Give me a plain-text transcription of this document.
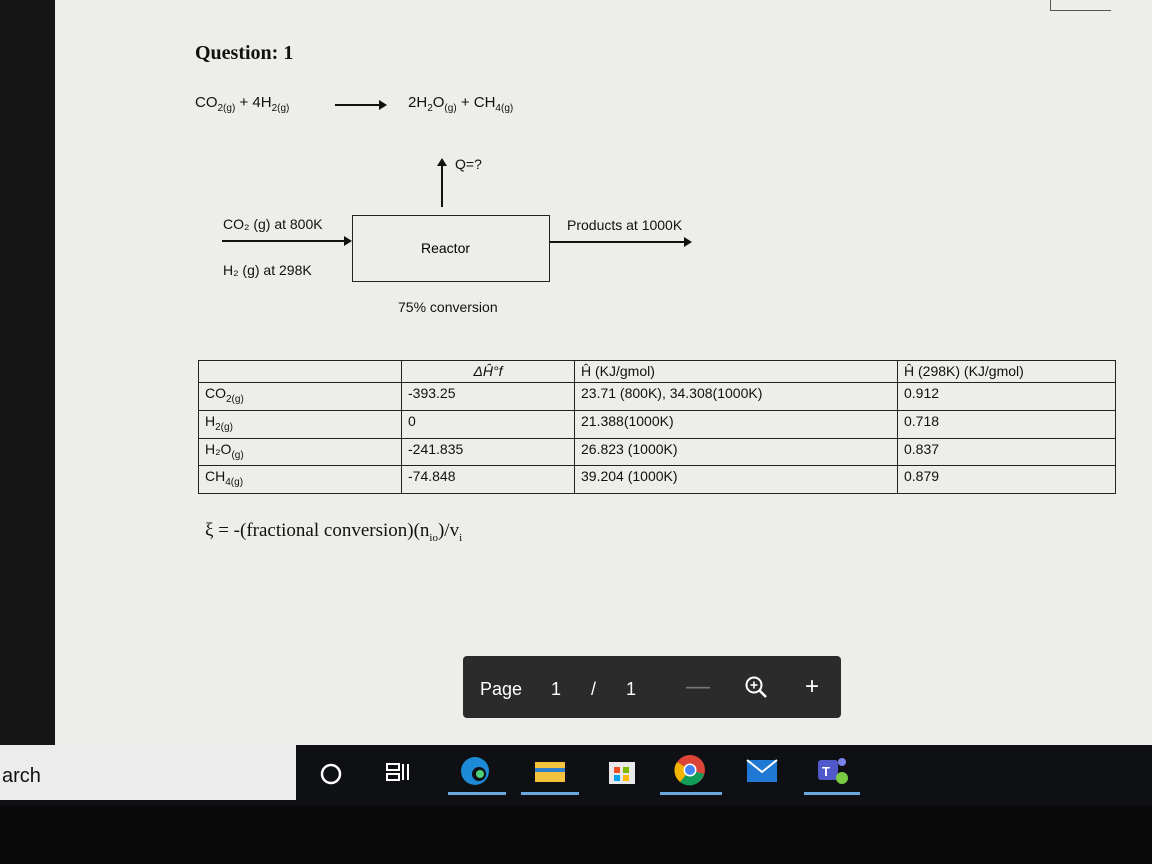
Question: 1
$CO_{2(g)} + 4H_{2(g)}$	→ $2H_2O_{(g)} + CH_{4(g)}$
Q=?
CO₂ (g) at 800K
H₂ (g) at 298K
Reactor
Products at 1000K
75% conversion
	ΔĤ°f	Ĥ (KJ/gmol)	Ĥ (298K) (KJ/gmol)
$CO_{2(g)}$	-393.25	23.71 (800K), 34.308(1000K)	0.912
$H_{2(g)}$	0	21.388(1000K)	0.718
$H_2O_{(g)}$	-241.835	26.823 (1000K)	0.837
$CH_{4(g)}$	-74.848	39.204 (1000K)	0.879
ξ = -(fractional $conversion)(n_{io})/v_i$
Page 1 / 1 —	+
arch	T
